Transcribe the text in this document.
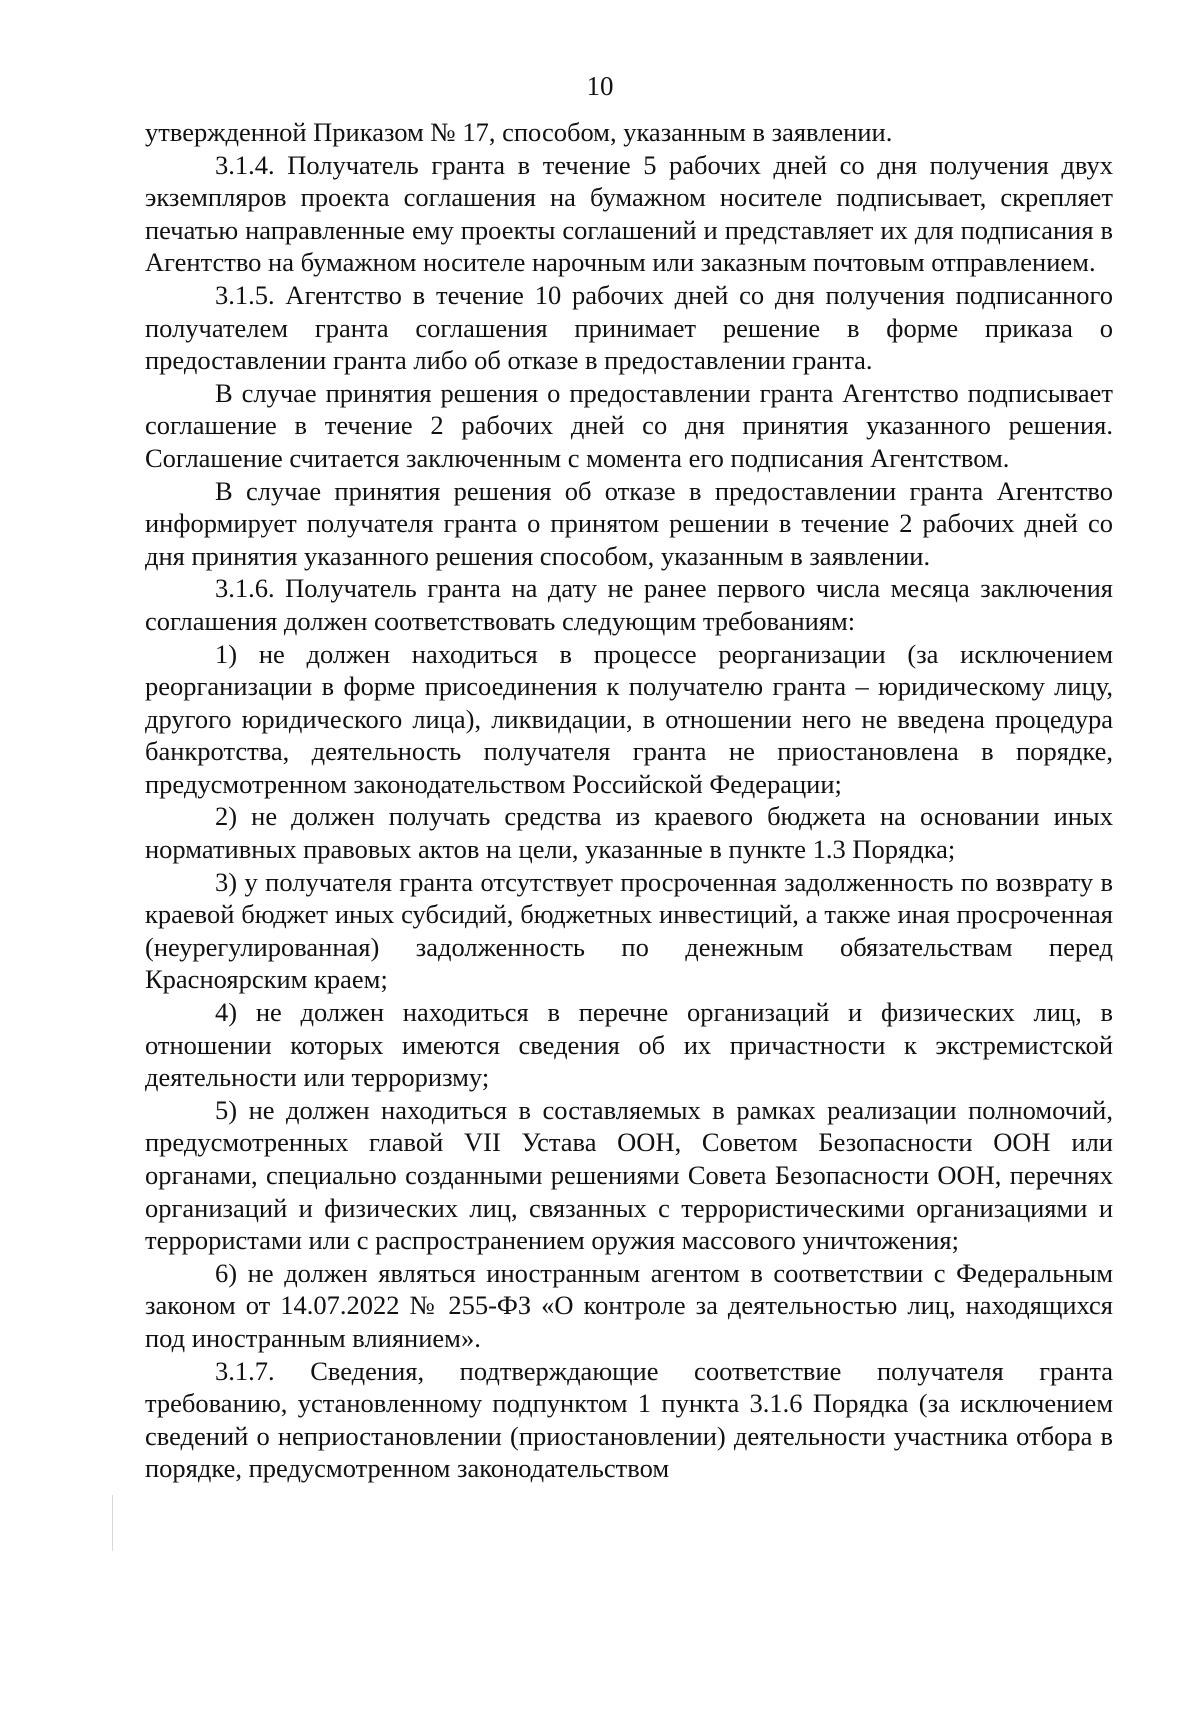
10

утвержденной Приказом № 17, способом, указанным в заявлении.

3.1.4. Получатель гранта в течение 5 рабочих дней со дня получения двух экземпляров проекта соглашения на бумажном носителе подписывает, скрепляет печатью направленные ему проекты соглашений и представляет их для подписания в Агентство на бумажном носителе нарочным или заказным почтовым отправлением.

3.1.5. Агентство в течение 10 рабочих дней со дня получения подписанного получателем гранта соглашения принимает решение в форме приказа о предоставлении гранта либо об отказе в предоставлении гранта.

В случае принятия решения о предоставлении гранта Агентство подписывает соглашение в течение 2 рабочих дней со дня принятия указанного решения. Соглашение считается заключенным с момента его подписания Агентством.

В случае принятия решения об отказе в предоставлении гранта Агентство информирует получателя гранта о принятом решении в течение 2 рабочих дней со дня принятия указанного решения способом, указанным в заявлении.

3.1.6. Получатель гранта на дату не ранее первого числа месяца заключения соглашения должен соответствовать следующим требованиям:

1) не должен находиться в процессе реорганизации (за исключением реорганизации в форме присоединения к получателю гранта – юридическому лицу, другого юридического лица), ликвидации, в отношении него не введена процедура банкротства, деятельность получателя гранта не приостановлена в порядке, предусмотренном законодательством Российской Федерации;

2) не должен получать средства из краевого бюджета на основании иных нормативных правовых актов на цели, указанные в пункте 1.3 Порядка;

3) у получателя гранта отсутствует просроченная задолженность по возврату в краевой бюджет иных субсидий, бюджетных инвестиций, а также иная просроченная (неурегулированная) задолженность по денежным обязательствам перед Красноярским краем;

4) не должен находиться в перечне организаций и физических лиц, в отношении которых имеются сведения об их причастности к экстремистской деятельности или терроризму;

5) не должен находиться в составляемых в рамках реализации полномочий, предусмотренных главой VII Устава ООН, Советом Безопасности ООН или органами, специально созданными решениями Совета Безопасности ООН, перечнях организаций и физических лиц, связанных с террористическими организациями и террористами или с распространением оружия массового уничтожения;

6) не должен являться иностранным агентом в соответствии с Федеральным законом от 14.07.2022 № 255-ФЗ «О контроле за деятельностью лиц, находящихся под иностранным влиянием».

3.1.7. Сведения, подтверждающие соответствие получателя гранта требованию, установленному подпунктом 1 пункта 3.1.6 Порядка (за исключением сведений о неприостановлении (приостановлении) деятельности участника отбора в порядке, предусмотренном законодательством
